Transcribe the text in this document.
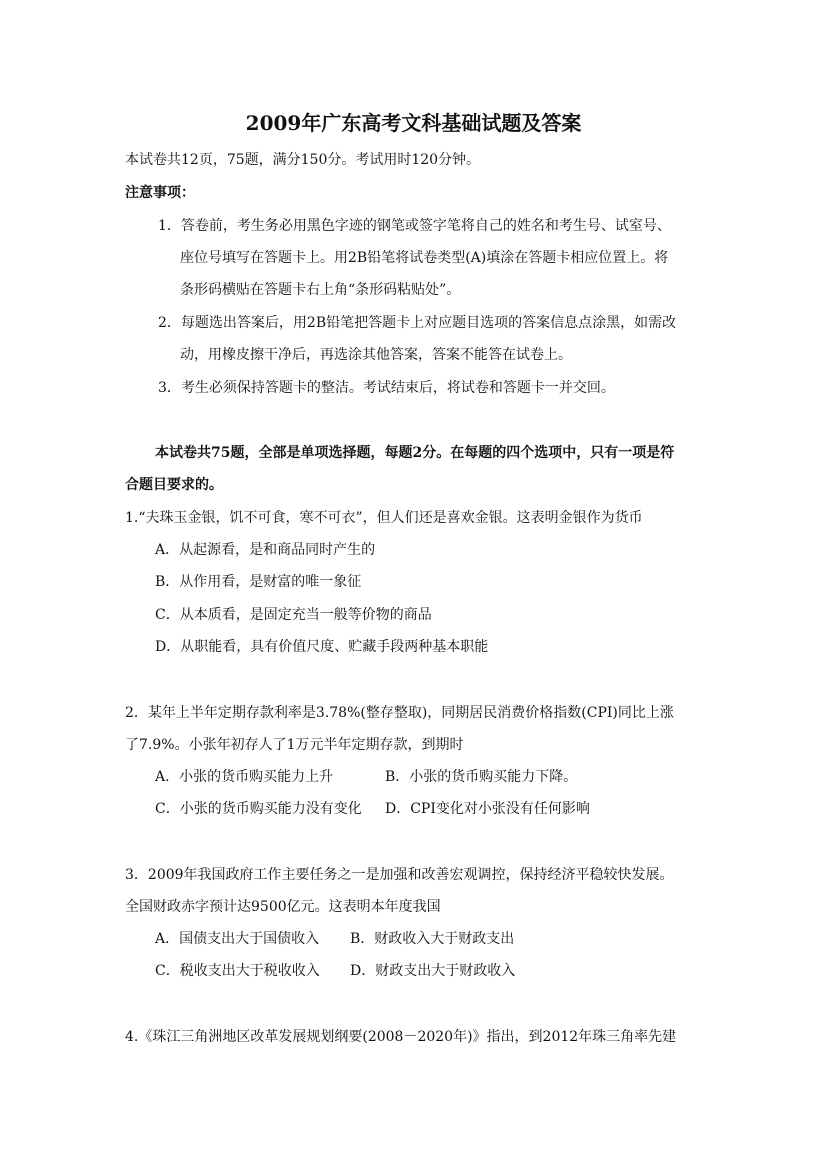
2009年广东高考文科基础试题及答案
本试卷共12页，75题，满分150分。考试用时120分钟。
注意事项：
1．答卷前，考生务必用黑色字迹的钢笔或签字笔将自己的姓名和考生号、试室号、
座位号填写在答题卡上。用2B铅笔将试卷类型(A)填涂在答题卡相应位置上。将
条形码横贴在答题卡右上角“条形码粘贴处”。
2．每题选出答案后，用2B铅笔把答题卡上对应题目选项的答案信息点涂黑，如需改
动，用橡皮擦干净后，再选涂其他答案，答案不能答在试卷上。
3．考生必须保持答题卡的整洁。考试结束后，将试卷和答题卡一并交回。
本试卷共75题，全部是单项选择题，每题2分。在每题的四个选项中，只有一项是符
合题目要求的。
1.“夫珠玉金银，饥不可食，寒不可衣”，但人们还是喜欢金银。这表明金银作为货币
A．从起源看，是和商品同时产生的
B．从作用看，是财富的唯一象征
C．从本质看，是固定充当一般等价物的商品
D．从职能看，具有价值尺度、贮藏手段两种基本职能
2．某年上半年定期存款利率是3.78%(整存整取)，同期居民消费价格指数(CPI)同比上涨
了7.9%。小张年初存人了1万元半年定期存款，到期时
A．小张的货币购买能力上升	B．小张的货币购买能力下降。
C．小张的货币购买能力没有变化 D．CPI变化对小张没有任何影响
3．2009年我国政府工作主要任务之一是加强和改善宏观调控，保持经济平稳较快发展。
全国财政赤字预计达9500亿元。这表明本年度我国
A．国债支出大于国债收入 B．财政收入大于财政支出
C．税收支出大于税收收入 D．财政支出大于财政收入
4.《珠江三角洲地区改革发展规划纲要(2008－2020年)》指出，到2012年珠三角率先建
